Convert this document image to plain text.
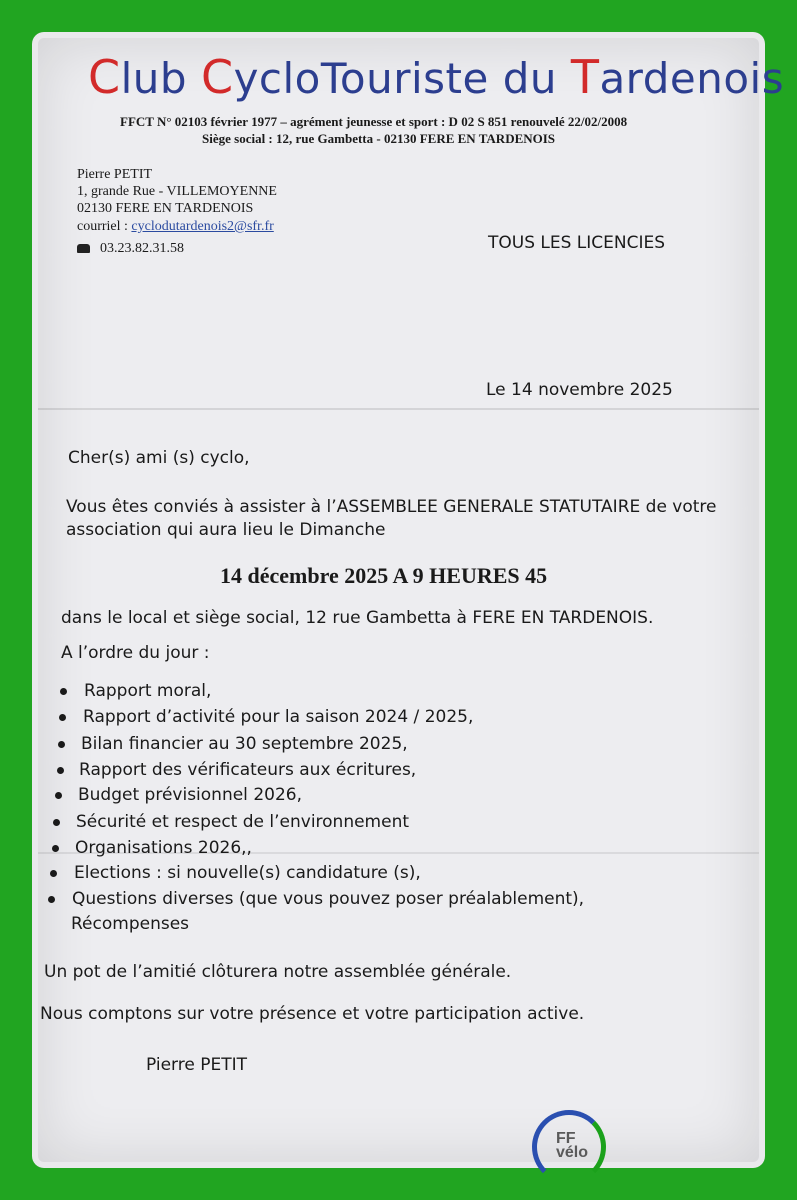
Club CycloTouriste du Tardenois
FFCT N° 02103 février 1977 – agrément jeunesse et sport : D 02 S 851 renouvelé 22/02/2008
Siège social : 12, rue Gambetta - 02130 FERE EN TARDENOIS
Pierre PETIT
1, grande Rue - VILLEMOYENNE
02130 FERE EN TARDENOIS
courriel : cyclodutardenois2@sfr.fr
03.23.82.31.58	TOUS LES LICENCIES
Le 14 novembre 2025
Cher(s) ami (s) cyclo,
Vous êtes conviés à assister à l’ASSEMBLEE GENERALE STATUTAIRE de votre
association qui aura lieu le Dimanche
14 décembre 2025 A 9 HEURES 45
dans le local et siège social, 12 rue Gambetta à FERE EN TARDENOIS.
A l’ordre du jour :
Rapport moral,
Rapport d’activité pour la saison 2024 / 2025,
Bilan financier au 30 septembre 2025,
Rapport des vérificateurs aux écritures,
Budget prévisionnel 2026,
Sécurité et respect de l’environnement
Organisations 2026,,
Elections : si nouvelle(s) candidature (s),
Questions diverses (que vous pouvez poser préalablement),
Récompenses
Un pot de l’amitié clôturera notre assemblée générale.
Nous comptons sur votre présence et votre participation active.
Pierre PETIT
FF
vélo
